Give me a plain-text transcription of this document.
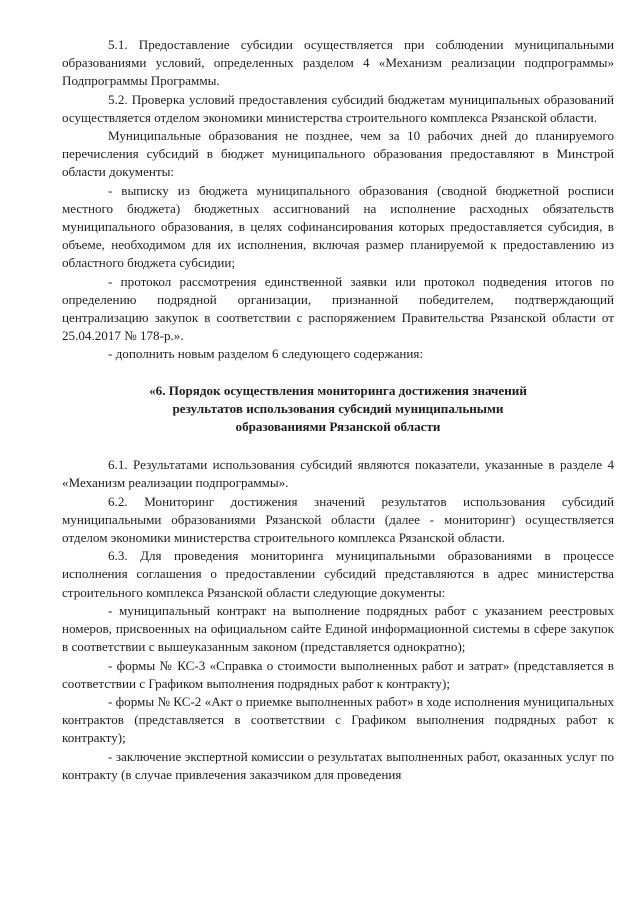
5.1. Предоставление субсидии осуществляется при соблюдении муниципальными образованиями условий, определенных разделом 4 «Механизм реализации подпрограммы» Подпрограммы Программы.

5.2. Проверка условий предоставления субсидий бюджетам муниципальных образований осуществляется отделом экономики министерства строительного комплекса Рязанской области.

Муниципальные образования не позднее, чем за 10 рабочих дней до планируемого перечисления субсидий в бюджет муниципального образования предоставляют в Минстрой области документы:

- выписку из бюджета муниципального образования (сводной бюджетной росписи местного бюджета) бюджетных ассигнований на исполнение расходных обязательств муниципального образования, в целях софинансирования которых предоставляется субсидия, в объеме, необходимом для их исполнения, включая размер планируемой к предоставлению из областного бюджета субсидии;

- протокол рассмотрения единственной заявки или протокол подведения итогов по определению подрядной организации, признанной победителем, подтверждающий централизацию закупок в соответствии с распоряжением Правительства Рязанской области от 25.04.2017 № 178-р.».

- дополнить новым разделом 6 следующего содержания:

«6. Порядок осуществления мониторинга достижения значений
результатов использования субсидий муниципальными
образованиями Рязанской области

6.1. Результатами использования субсидий являются показатели, указанные в разделе 4 «Механизм реализации подпрограммы».

6.2. Мониторинг достижения значений результатов использования субсидий муниципальными образованиями Рязанской области (далее - мониторинг) осуществляется отделом экономики министерства строительного комплекса Рязанской области.

6.3. Для проведения мониторинга муниципальными образованиями в процессе исполнения соглашения о предоставлении субсидий представляются в адрес министерства строительного комплекса Рязанской области следующие документы:

- муниципальный контракт на выполнение подрядных работ с указанием реестровых номеров, присвоенных на официальном сайте Единой информационной системы в сфере закупок в соответствии с вышеуказанным законом (представляется однократно);

- формы № КС-3 «Справка о стоимости выполненных работ и затрат» (представляется в соответствии с Графиком выполнения подрядных работ к контракту);

- формы № КС-2 «Акт о приемке выполненных работ» в ходе исполнения муниципальных контрактов (представляется в соответствии с Графиком выполнения подрядных работ к контракту);

- заключение экспертной комиссии о результатах выполненных работ, оказанных услуг по контракту (в случае привлечения заказчиком для проведения
